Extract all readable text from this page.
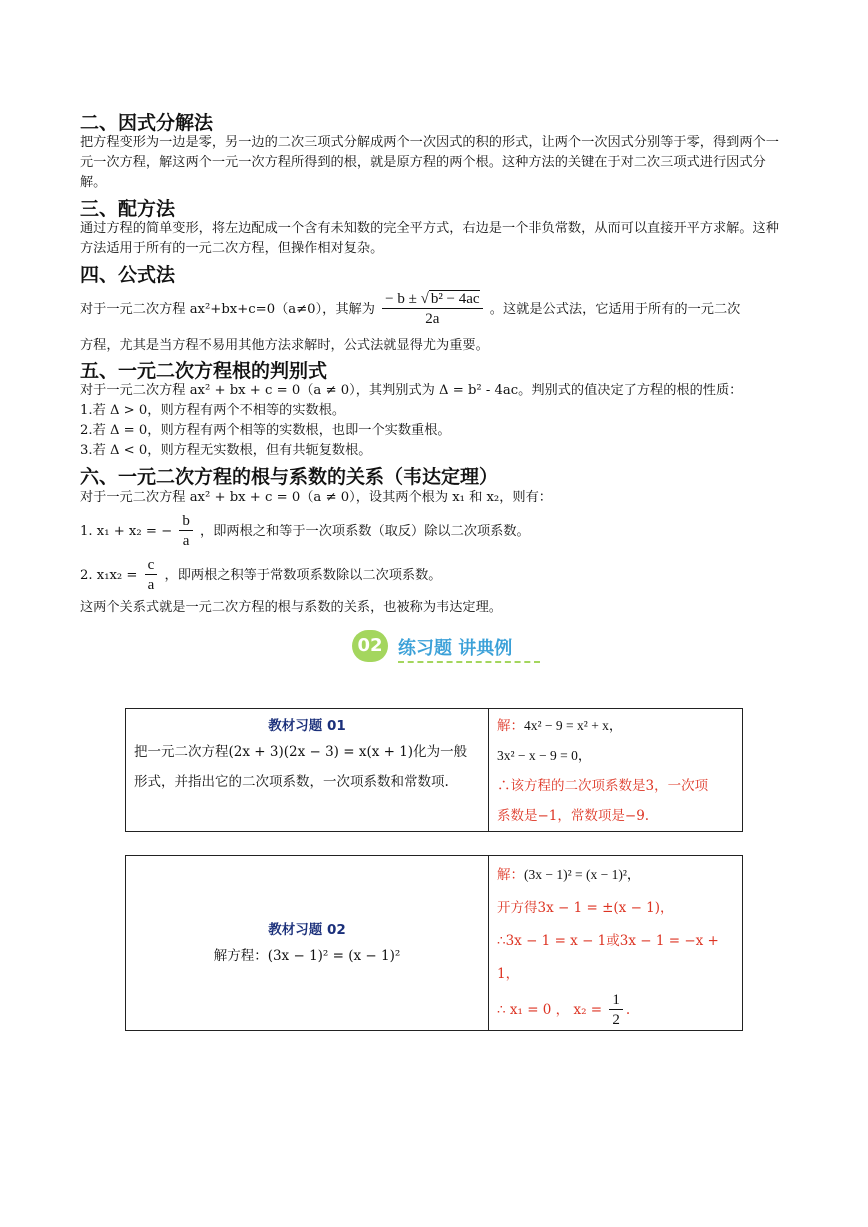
二、因式分解法

把方程变形为一边是零，另一边的二次三项式分解成两个一次因式的积的形式，让两个一次因式分别等于零，得到两个一元一次方程，解这两个一元一次方程所得到的根，就是原方程的两个根。这种方法的关键在于对二次三项式进行因式分解。

三、配方法

通过方程的简单变形，将左边配成一个含有未知数的完全平方式，右边是一个非负常数，从而可以直接开平方求解。这种方法适用于所有的一元二次方程，但操作相对复杂。

四、公式法
对于一元二次方程 ax²+bx+c=0（a≠0），其解为 $\frac{\text{− b ± √ b² − 4ac}}{2a}$ 。这就是公式法，它适用于所有的一元二次

方程，尤其是当方程不易用其他方法求解时，公式法就显得尤为重要。

五、一元二次方程根的判别式

对于一元二次方程 ax² + bx + c = 0（a ≠ 0），其判别式为 Δ = b² - 4ac。判别式的值决定了方程的根的性质：

1.若 Δ > 0，则方程有两个不相等的实数根。

2.若 Δ = 0，则方程有两个相等的实数根，也即一个实数重根。

3.若 Δ < 0，则方程无实数根，但有共轭复数根。

六、一元二次方程的根与系数的关系（韦达定理）

对于一元二次方程 ax² + bx + c = 0（a ≠ 0），设其两个根为 x₁ 和 x₂，则有：

1. x₁ + x₂ = − $\frac{b}{a}$ ，即两根之和等于一次项系数（取反）除以二次项系数。
2. $x_1x_2 = \frac{c}{a}$ ，即两根之积等于常数项系数除以二次项系数。

这两个关系式就是一元二次方程的根与系数的关系，也被称为韦达定理。

02 练习题 讲典例
教材习题 01
把一元二次方程(2x + 3)(2x − 3) = x(x + 1)化为一般
形式，并指出它的二次项系数，一次项系数和常数项.

解：4x² − 9 = x² + x，
3x² − x − 9 = 0，
∴该方程的二次项系数是3，一次项
系数是−1，常数项是−9.
教材习题 02
解方程：(3x − 1)² = (x − 1)²

解：(3x − 1)² = (x − 1)²，
开方得3x − 1 = ±(x − 1)，
∴3x − 1 = x − 1或3x − 1 = −x + 1，
∴ x₁ = 0 ， $x_2 = \frac{1}{2}$ .
